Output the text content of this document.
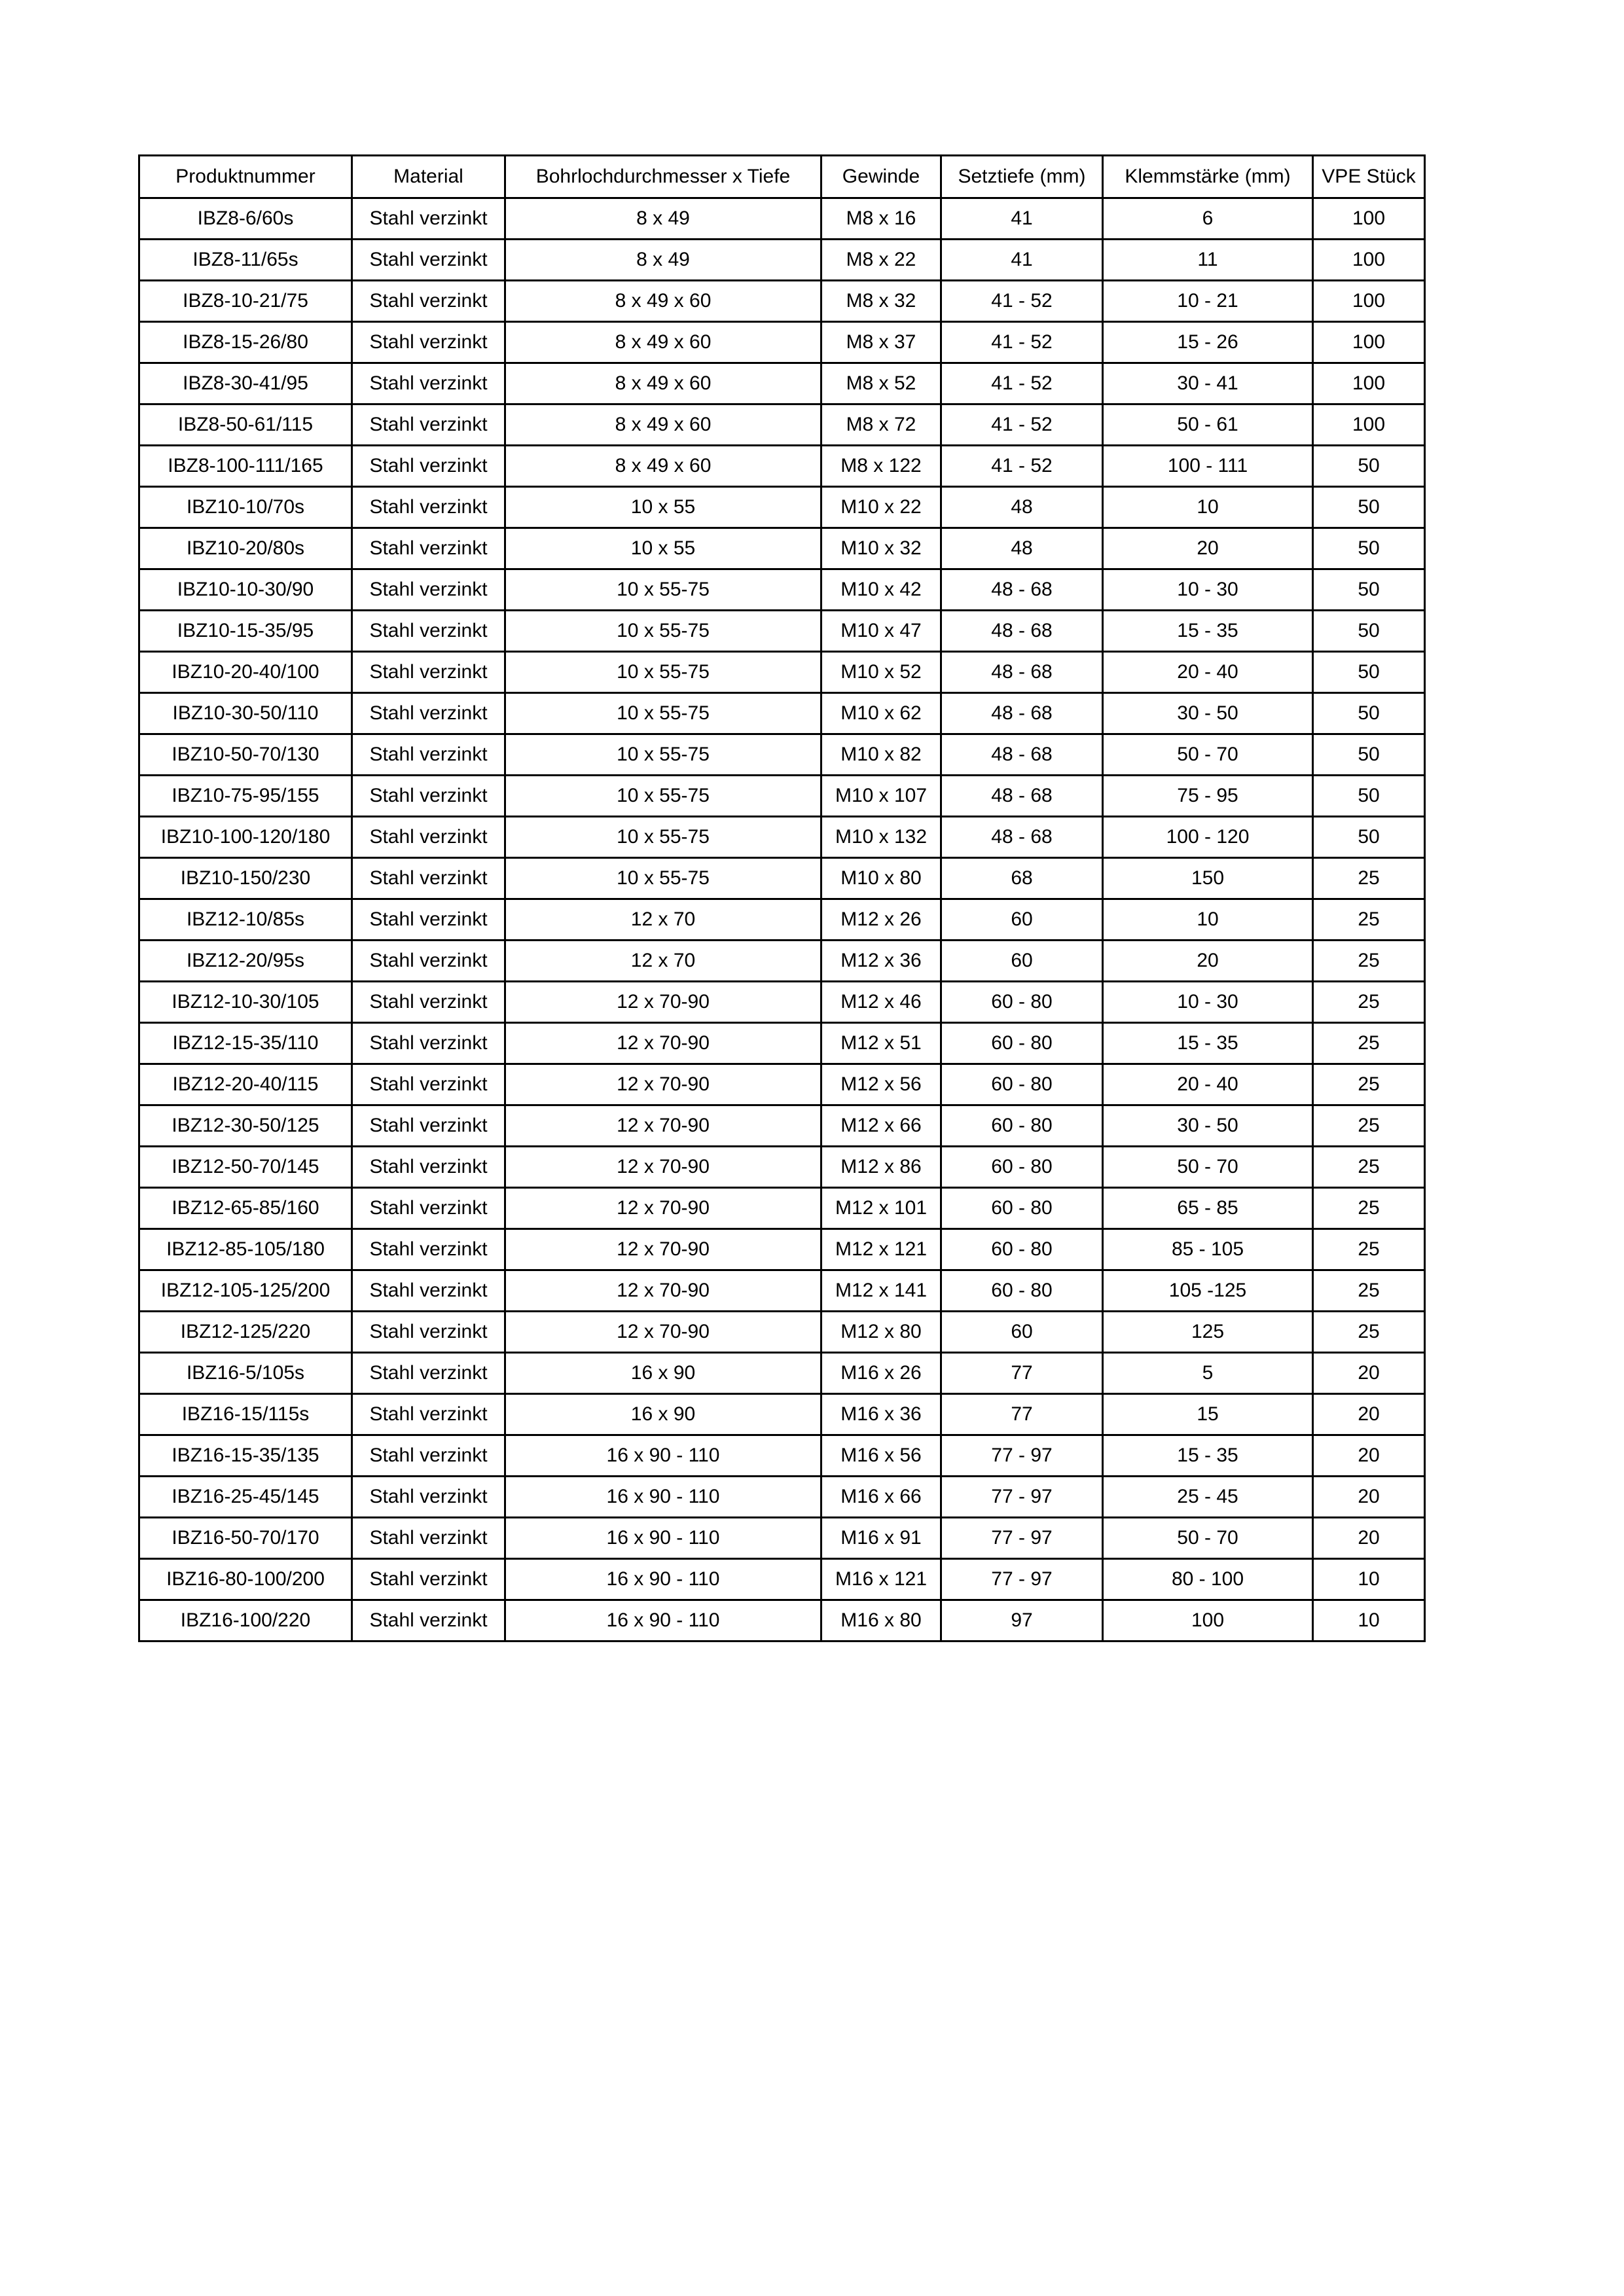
Produktnummer	Material	Bohrlochdurchmesser x Tiefe	Gewinde	Setztiefe (mm)	Klemmstärke (mm)	VPE Stück
IBZ8-6/60s	Stahl verzinkt	8 x 49	M8 x 16	41	6	100
IBZ8-11/65s	Stahl verzinkt	8 x 49	M8 x 22	41	11	100
IBZ8-10-21/75	Stahl verzinkt	8 x 49 x 60	M8 x 32	41 - 52	10 - 21	100
IBZ8-15-26/80	Stahl verzinkt	8 x 49 x 60	M8 x 37	41 - 52	15 - 26	100
IBZ8-30-41/95	Stahl verzinkt	8 x 49 x 60	M8 x 52	41 - 52	30 - 41	100
IBZ8-50-61/115	Stahl verzinkt	8 x 49 x 60	M8 x 72	41 - 52	50 - 61	100
IBZ8-100-111/165	Stahl verzinkt	8 x 49 x 60	M8 x 122	41 - 52	100 - 111	50
IBZ10-10/70s	Stahl verzinkt	10 x 55	M10 x 22	48	10	50
IBZ10-20/80s	Stahl verzinkt	10 x 55	M10 x 32	48	20	50
IBZ10-10-30/90	Stahl verzinkt	10 x 55-75	M10 x 42	48 - 68	10 - 30	50
IBZ10-15-35/95	Stahl verzinkt	10 x 55-75	M10 x 47	48 - 68	15 - 35	50
IBZ10-20-40/100	Stahl verzinkt	10 x 55-75	M10 x 52	48 - 68	20 - 40	50
IBZ10-30-50/110	Stahl verzinkt	10 x 55-75	M10 x 62	48 - 68	30 - 50	50
IBZ10-50-70/130	Stahl verzinkt	10 x 55-75	M10 x 82	48 - 68	50 - 70	50
IBZ10-75-95/155	Stahl verzinkt	10 x 55-75	M10 x 107	48 - 68	75 - 95	50
IBZ10-100-120/180	Stahl verzinkt	10 x 55-75	M10 x 132	48 - 68	100 - 120	50
IBZ10-150/230	Stahl verzinkt	10 x 55-75	M10 x 80	68	150	25
IBZ12-10/85s	Stahl verzinkt	12 x 70	M12 x 26	60	10	25
IBZ12-20/95s	Stahl verzinkt	12 x 70	M12 x 36	60	20	25
IBZ12-10-30/105	Stahl verzinkt	12 x 70-90	M12 x 46	60 - 80	10 - 30	25
IBZ12-15-35/110	Stahl verzinkt	12 x 70-90	M12 x 51	60 - 80	15 - 35	25
IBZ12-20-40/115	Stahl verzinkt	12 x 70-90	M12 x 56	60 - 80	20 - 40	25
IBZ12-30-50/125	Stahl verzinkt	12 x 70-90	M12 x 66	60 - 80	30 - 50	25
IBZ12-50-70/145	Stahl verzinkt	12 x 70-90	M12 x 86	60 - 80	50 - 70	25
IBZ12-65-85/160	Stahl verzinkt	12 x 70-90	M12 x 101	60 - 80	65 - 85	25
IBZ12-85-105/180	Stahl verzinkt	12 x 70-90	M12 x 121	60 - 80	85 - 105	25
IBZ12-105-125/200	Stahl verzinkt	12 x 70-90	M12 x 141	60 - 80	105 -125	25
IBZ12-125/220	Stahl verzinkt	12 x 70-90	M12 x 80	60	125	25
IBZ16-5/105s	Stahl verzinkt	16 x 90	M16 x 26	77	5	20
IBZ16-15/115s	Stahl verzinkt	16 x 90	M16 x 36	77	15	20
IBZ16-15-35/135	Stahl verzinkt	16 x 90 - 110	M16 x 56	77 - 97	15 - 35	20
IBZ16-25-45/145	Stahl verzinkt	16 x 90 - 110	M16 x 66	77 - 97	25 - 45	20
IBZ16-50-70/170	Stahl verzinkt	16 x 90 - 110	M16 x 91	77 - 97	50 - 70	20
IBZ16-80-100/200	Stahl verzinkt	16 x 90 - 110	M16 x 121	77 - 97	80 - 100	10
IBZ16-100/220	Stahl verzinkt	16 x 90 - 110	M16 x 80	97	100	10
